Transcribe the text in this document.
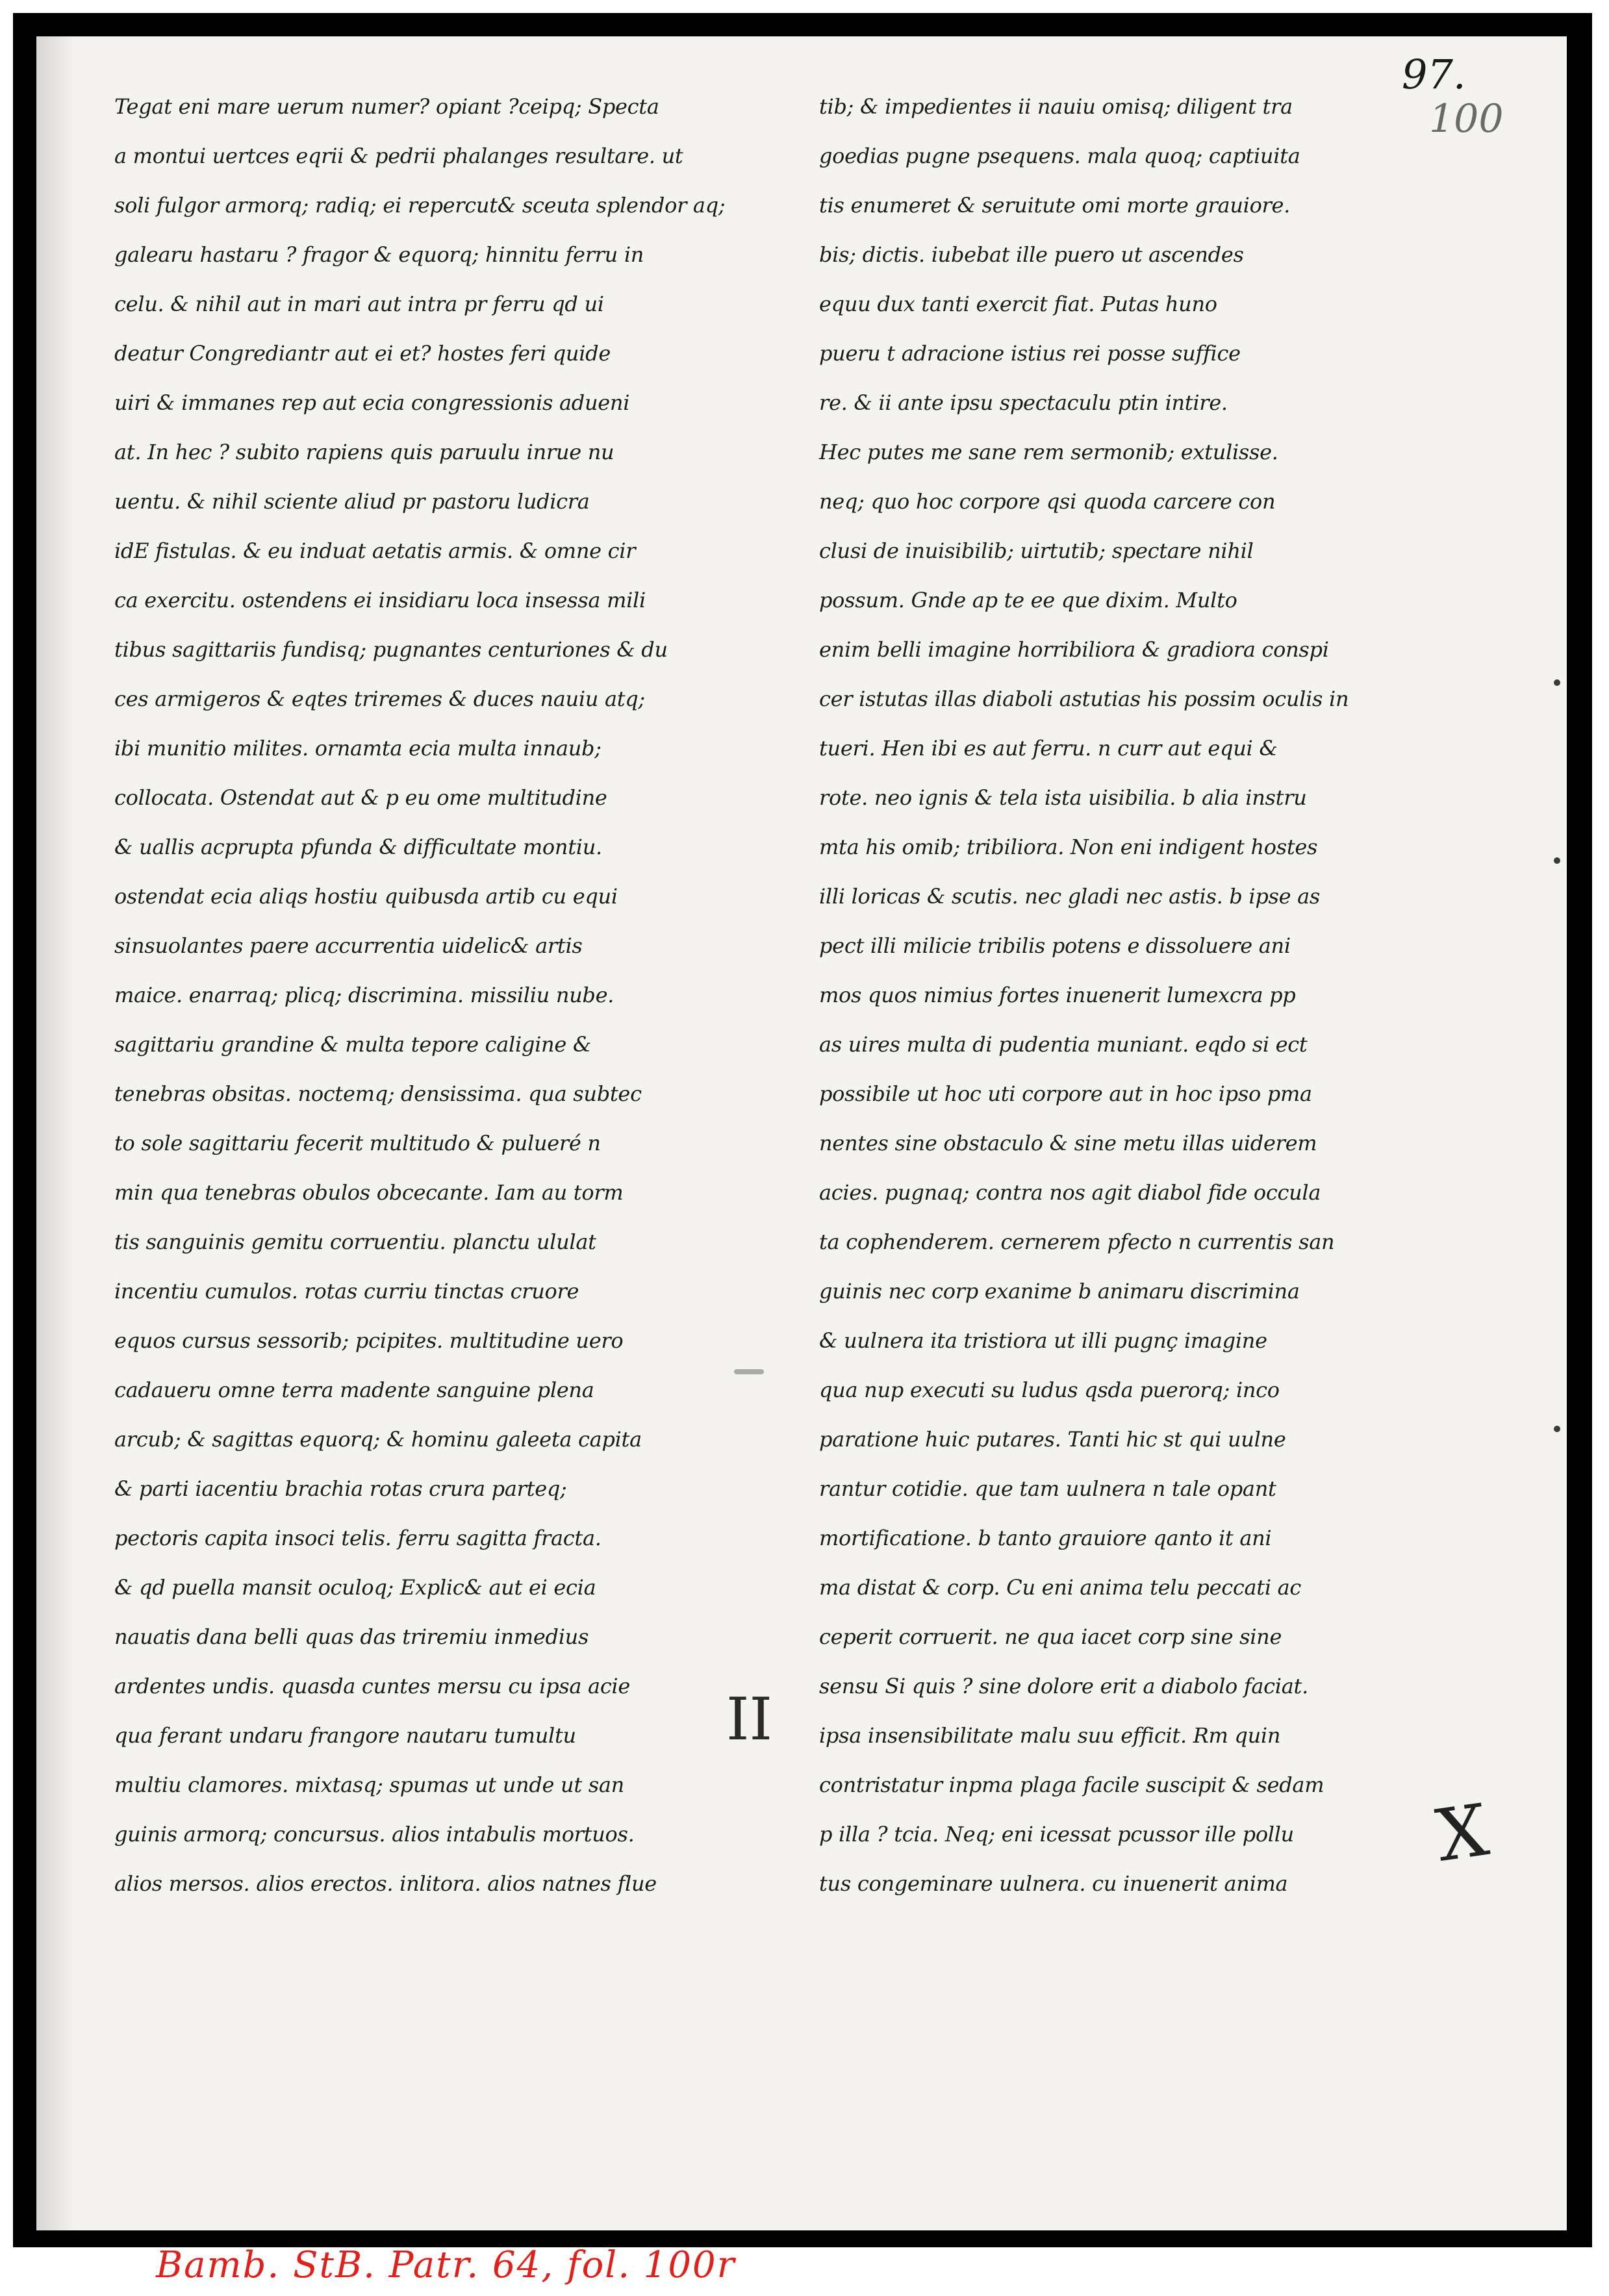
Tegat eni mare uerum numer? opiant ?ceipq; Specta
a montui uertces eqrii & pedrii phalanges resultare. ut
soli fulgor armorq; radiq; ei repercut& sceuta splendor aq;
galearu hastaru ? fragor & equorq; hinnitu ferru in
celu. & nihil aut in mari aut intra pr ferru qd ui
deatur Congrediantr aut ei et? hostes feri quide
uiri & immanes rep aut ecia congressionis adueni
at. In hec ? subito rapiens quis paruulu inrue nu
uentu. & nihil sciente aliud pr pastoru ludicra
idE fistulas. & eu induat aetatis armis. & omne cir
ca exercitu. ostendens ei insidiaru loca insessa mili
tibus sagittariis fundisq; pugnantes centuriones & du
ces armigeros & eqtes triremes & duces nauiu atq;
ibi munitio milites. ornamta ecia multa innaub;
collocata. Ostendat aut & p eu ome multitudine
& uallis acprupta pfunda & difficultate montiu.
ostendat ecia aliqs hostiu quibusda artib cu equi
sinsuolantes paere accurrentia uidelic& artis
maice. enarraq; plicq; discrimina. missiliu nube.
sagittariu grandine & multa tepore caligine &
tenebras obsitas. noctemq; densissima. qua subtec
to sole sagittariu fecerit multitudo & pulueré n
min qua tenebras obulos obcecante. Iam au torm
tis sanguinis gemitu corruentiu. planctu ululat
incentiu cumulos. rotas curriu tinctas cruore
equos cursus sessorib; pcipites. multitudine uero
cadaueru omne terra madente sanguine plena
arcub; & sagittas equorq; & hominu galeeta capita
& parti iacentiu brachia rotas crura parteq;
pectoris capita insoci telis. ferru sagitta fracta.
& qd puella mansit oculoq; Explic& aut ei ecia
nauatis dana belli quas das triremiu inmedius
ardentes undis. quasda cuntes mersu cu ipsa acie
qua ferant undaru frangore nautaru tumultu
multiu clamores. mixtasq; spumas ut unde ut san
guinis armorq; concursus. alios intabulis mortuos.
alios mersos. alios erectos. inlitora. alios natnes flue
tib; & impedientes ii nauiu omisq; diligent tra
goedias pugne psequens. mala quoq; captiuita
tis enumeret & seruitute omi morte grauiore.
bis; dictis. iubebat ille puero ut ascendes
equu dux tanti exercit fiat. Putas huno
pueru t adracione istius rei posse suffice
re. & ii ante ipsu spectaculu ptin intire.
Hec putes me sane rem sermonib; extulisse.
neq; quo hoc corpore qsi quoda carcere con
clusi de inuisibilib; uirtutib; spectare nihil
possum. Gnde ap te ee que dixim. Multo
enim belli imagine horribiliora & gradiora conspi
cer istutas illas diaboli astutias his possim oculis in
tueri. Hen ibi es aut ferru. n curr aut equi &
rote. neo ignis & tela ista uisibilia. b alia instru
mta his omib; tribiliora. Non eni indigent hostes
illi loricas & scutis. nec gladi nec astis. b ipse as
pect illi milicie tribilis potens e dissoluere ani
mos quos nimius fortes inuenerit lumexcra pp
as uires multa di pudentia muniant. eqdo si ect
possibile ut hoc uti corpore aut in hoc ipso pma
nentes sine obstaculo & sine metu illas uiderem
acies. pugnaq; contra nos agit diabol fide occula
ta cophenderem. cernerem pfecto n currentis san
guinis nec corp exanime b animaru discrimina
& uulnera ita tristiora ut illi pugnç imagine
qua nup executi su ludus qsda puerorq; inco
paratione huic putares. Tanti hic st qui uulne
rantur cotidie. que tam uulnera n tale opant
mortificatione. b tanto grauiore qanto it ani
ma distat & corp. Cu eni anima telu peccati ac
ceperit corruerit. ne qua iacet corp sine sine
sensu Si quis ? sine dolore erit a diabolo faciat.
ipsa insensibilitate malu suu efficit. Rm quin
contristatur inpma plaga facile suscipit & sedam
p illa ? tcia. Neq; eni icessat pcussor ille pollu
tus congeminare uulnera. cu inuenerit anima
97.
100
X
II
Bamb. StB. Patr. 64, fol. 100r
